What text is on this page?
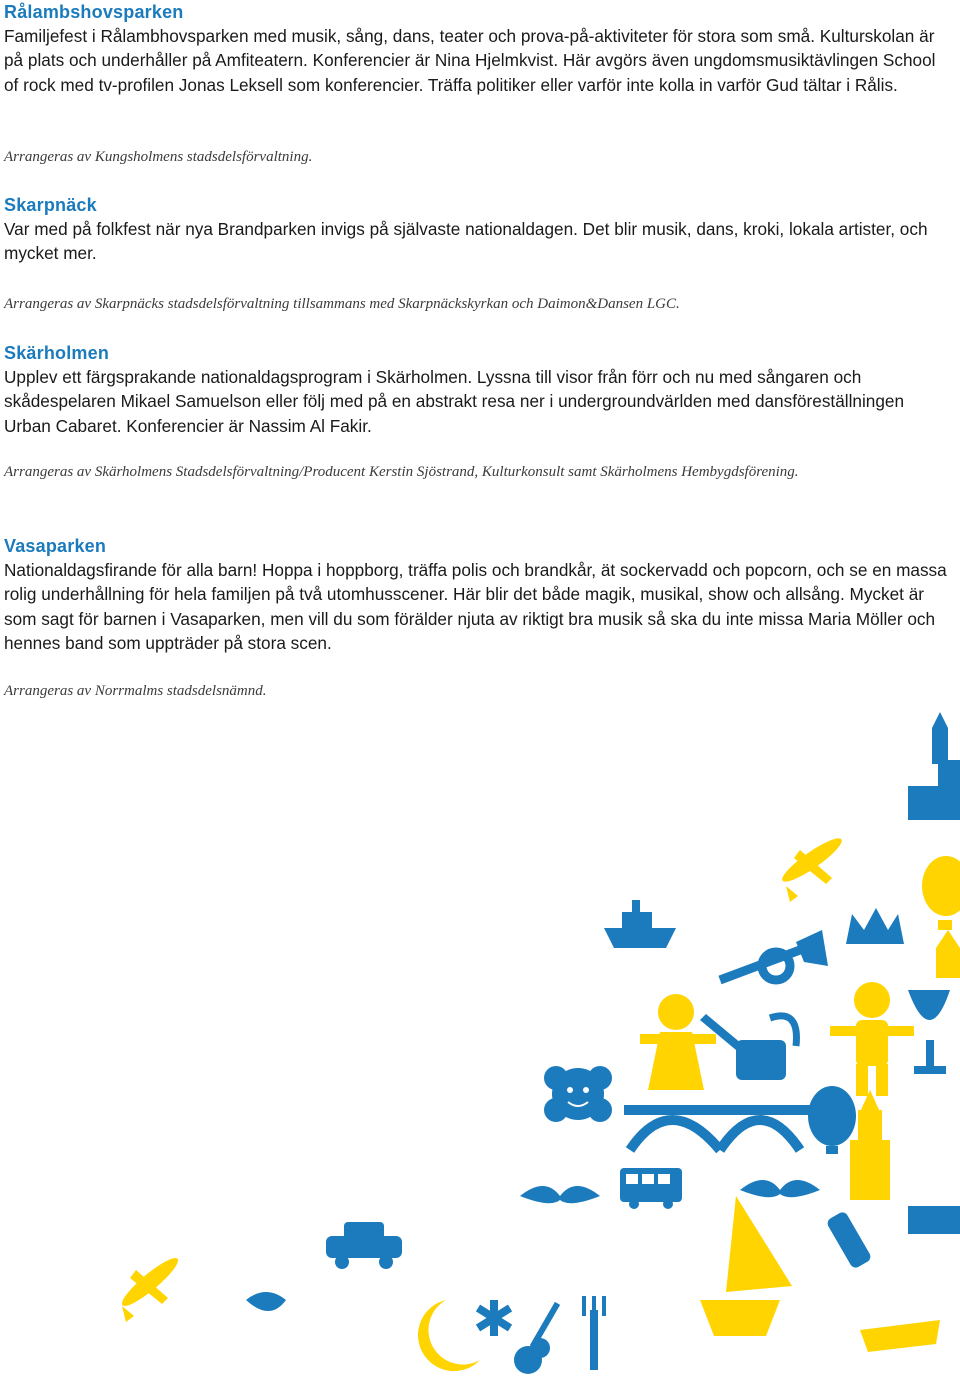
Rålambshovsparken

Familjefest i Rålambhovsparken med musik, sång, dans, teater och prova-på-aktiviteter för stora som små. Kulturskolan är på plats och underhåller på Amfiteatern. Konferencier är Nina Hjelmkvist. Här avgörs även ungdomsmusiktävlingen School of rock med tv-profilen Jonas Leksell som konferencier. Träffa politiker eller varför inte kolla in varför Gud tältar i Rålis.

Arrangeras av Kungsholmens stadsdelsförvaltning.

Skarpnäck

Var med på folkfest när nya Brandparken invigs på självaste nationaldagen. Det blir musik, dans, kroki, lokala artister, och mycket mer.

Arrangeras av Skarpnäcks stadsdelsförvaltning tillsammans med Skarpnäckskyrkan och Daimon&Dansen LGC.

Skärholmen

Upplev ett färgsprakande nationaldagsprogram i Skärholmen. Lyssna till visor från förr och nu med sångaren och skådespelaren Mikael Samuelson eller följ med på en abstrakt resa ner i undergroundvärlden med dansföreställningen Urban Cabaret. Konferencier är Nassim Al Fakir.

Arrangeras av Skärholmens Stadsdelsförvaltning/Producent Kerstin Sjöstrand, Kulturkonsult samt Skärholmens Hembygdsförening.

Vasaparken

Nationaldagsfirande för alla barn! Hoppa i hoppborg, träffa polis och brandkår, ät sockervadd och popcorn, och se en massa rolig underhållning för hela familjen på två utomhusscener. Här blir det både magik, musikal, show och allsång. Mycket är som sagt för barnen i Vasaparken, men vill du som förälder njuta av riktigt bra musik så ska du inte missa Maria Möller och hennes band som uppträder på stora scen.

Arrangeras av Norrmalms stadsdelsnämnd.
